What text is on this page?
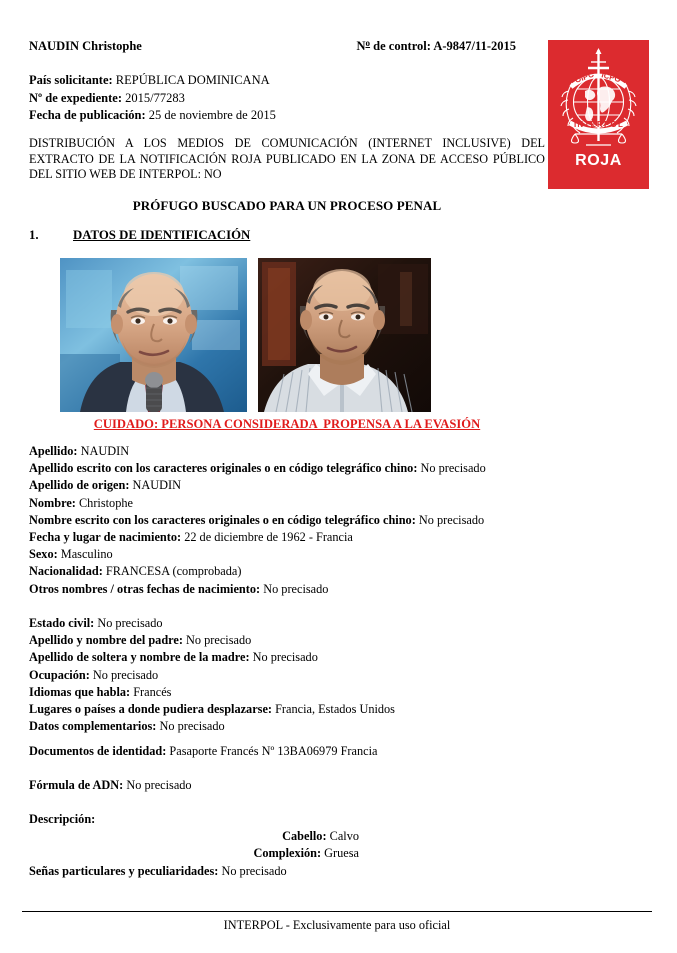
NAUDIN Christophe	$N^o$ de control: A-9847/11-2015
País solicitante: REPÚBLICA DOMINICANA
Nº de expediente: 2015/77283
Fecha de publicación: 25 de noviembre de 2015
DISTRIBUCIÓN A LOS MEDIOS DE COMUNICACIÓN (INTERNET INCLUSIVE) DEL EXTRACTO DE LA NOTIFICACIÓN ROJA PUBLICADO EN LA ZONA DE ACCESO PÚBLICO DEL SITIO WEB DE INTERPOL: NO
PRÓFUGO BUSCADO PARA UN PROCESO PENAL
1.	DATOS DE IDENTIFICACIÓN
OIPC ICPO
INTERPOL
ROJA
CUIDADO: PERSONA CONSIDERADA  PROPENSA A LA EVASIÓN
Apellido: NAUDIN
Apellido escrito con los caracteres originales o en código telegráfico chino: No precisado
Apellido de origen: NAUDIN
Nombre: Christophe
Nombre escrito con los caracteres originales o en código telegráfico chino: No precisado
Fecha y lugar de nacimiento: 22 de diciembre de 1962 - Francia
Sexo: Masculino
Nacionalidad: FRANCESA (comprobada)
Otros nombres / otras fechas de nacimiento: No precisado
Estado civil: No precisado
Apellido y nombre del padre: No precisado
Apellido de soltera y nombre de la madre: No precisado
Ocupación: No precisado
Idiomas que habla: Francés
Lugares o países a donde pudiera desplazarse: Francia, Estados Unidos
Datos complementarios: No precisado
Documentos de identidad: Pasaporte Francés Nº 13BA06979 Francia
Fórmula de ADN: No precisado
Descripción:
Cabello: Calvo
Complexión: Gruesa
Señas particulares y peculiaridades: No precisado
INTERPOL - Exclusivamente para uso oficial
